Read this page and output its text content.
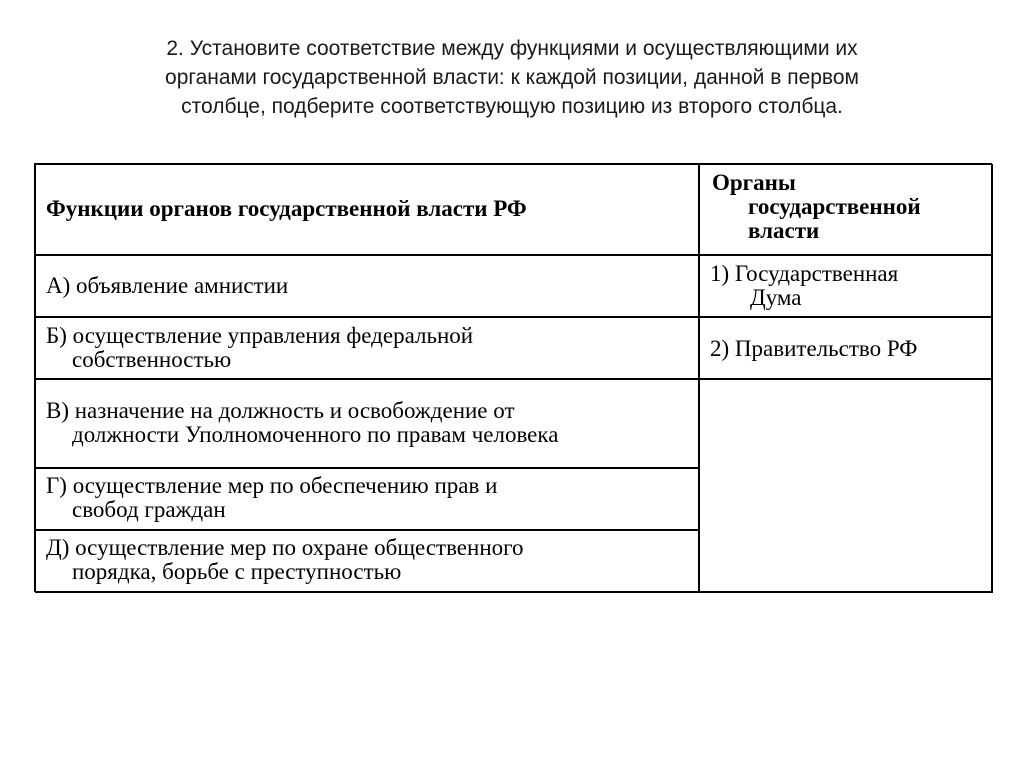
2. Установите соответствие между функциями и осуществляющими их
органами государственной власти: к каждой позиции, данной в первом
столбце, подберите соответствующую позицию из второго столбца.

Функции органов государственной власти РФ
Органы
государственной
власти
А) объявление амнистии
Б) осуществление управления федеральной
собственностью
В) назначение на должность и освобождение от
должности Уполномоченного по правам человека
Г) осуществление мер по обеспечению прав и
свобод граждан
Д) осуществление мер по охране общественного
порядка, борьбе с преступностью
1) Государственная
Дума
2) Правительство РФ
